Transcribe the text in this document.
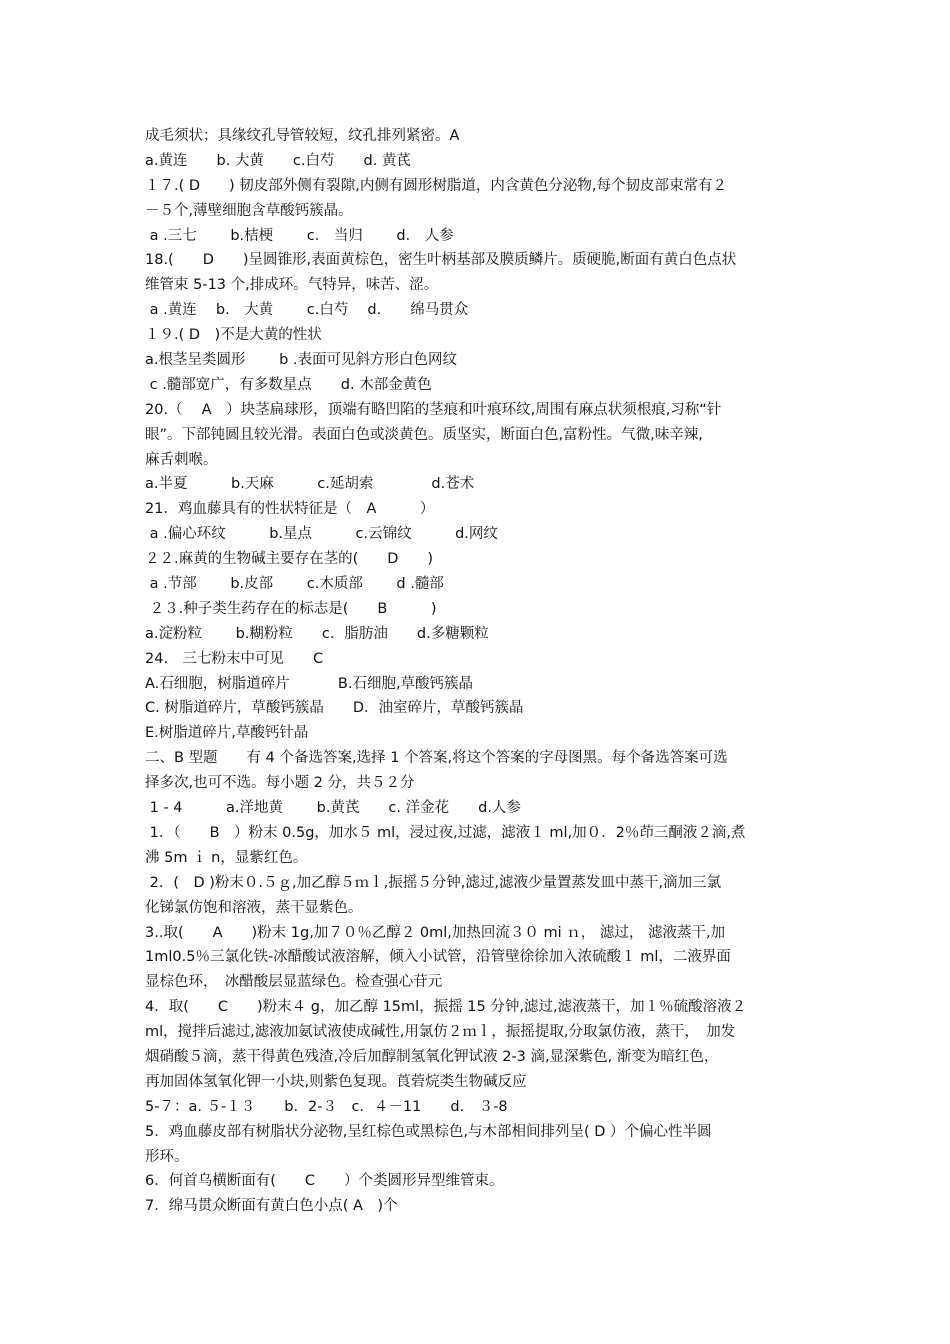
成毛须状；具缘纹孔导管较短，纹孔排列紧密。A
a.黄连　　b. 大黄　　c.白芍　　d. 黄芪
１７.( D　　) 韧皮部外侧有裂隙,内侧有圆形树脂道，内含黄色分泌物,每个韧皮部束常有２
－５个,薄壁细胞含草酸钙簇晶。
a .三七　　 b.桔梗　　 c． 当归　　 d． 人参
18.(　　D　　)呈圆锥形,表面黄棕色，密生叶柄基部及膜质鳞片。质硬脆,断面有黄白色点状
维管束 5-13 个,排成环。气特异，味苦、涩。
a .黄连　 b.　大黄　　 c.白芍　 d.　　绵马贯众
１９.( D　)不是大黄的性状
a.根茎呈类圆形　　 b .表面可见斜方形白色网纹
c .髓部宽广，有多数星点　　d. 木部金黄色
20.（　 A　）块茎扁球形，顶端有略凹陷的茎痕和叶痕环纹,周围有麻点状须根痕,习称“针
眼”。下部钝圆且较光滑。表面白色或淡黄色。质坚实，断面白色,富粉性。气微,味辛辣,
麻舌刺喉。
a.半夏　　　b.天麻　　　c.延胡索　　　　d.苍术
21．鸡血藤具有的性状特征是（　A　　　）
a .偏心环纹　　　b.星点　　　c.云锦纹　　　d.网纹
２２.麻黄的生物碱主要存在茎的(　　D　　)
a .节部　　 b.皮部　　 c.木质部　　 d .髓部
２３.种子类生药存在的标志是(　　B　　　)
a.淀粉粒　　 b.糊粉粒　　c．脂肪油　　d.多糖颗粒
24.　三七粉末中可见　　C
A.石细胞，树脂道碎片　　　 B.石细胞,草酸钙簇晶
C. 树脂道碎片，草酸钙簇晶　　D．油室碎片，草酸钙簇晶
E.树脂道碎片,草酸钙针晶
二、B 型题　　有 4 个备选答案,选择 1 个答案,将这个答案的字母图黑。每个备选答案可选
择多次,也可不选。每小题 2 分，共５２分
1 - 4　　　a.洋地黄　　 b.黄芪　　c. 洋金花　　d.人参
1．（　　B　）粉末 0.5g，加水５ ml，浸过夜,过滤，滤液１ ml,加０．2％茚三酮液２滴,煮
沸 5m ｉ n，显紫红色。
2．(　D )粉末０.５ｇ,加乙醇５ｍｌ,振摇５分钟,滤过,滤液少量置蒸发皿中蒸干,滴加三氯
化锑氯仿饱和溶液，蒸干显紫色。
3..取(　　A　　)粉末 1g,加７０％乙醇２ 0ml,加热回流３０ mi ｎ， 滤过， 滤液蒸干,加
1ml0.5％三氯化铁-冰醋酸试液溶解，倾入小试管，沿管壁徐徐加入浓硫酸１ ml，二液界面
显棕色环，　冰醋酸层显蓝绿色。检查强心苷元
4．取(　　C　　)粉末４ g，加乙醇 15ml，振摇 15 分钟,滤过,滤液蒸干，加１％硫酸溶液２
ml，搅拌后滤过,滤液加氨试液使成碱性,用氯仿２ｍｌ，振摇提取,分取氯仿液，蒸干，　加发
烟硝酸５滴，蒸干得黄色残渣,冷后加醇制氢氧化钾试液 2-3 滴,显深紫色, 渐变为暗红色，
再加固体氢氧化钾一小块,则紫色复现。莨菪烷类生物碱反应
5-７：a. ５-１３　　b．2-３　c．４－11　　d.　３-8
5．鸡血藤皮部有树脂状分泌物,呈红棕色或黑棕色,与木部相间排列呈( D ）个偏心性半圆
形环。
6．何首乌横断面有(　　C　　）个类圆形异型维管束。
7．绵马贯众断面有黄白色小点( A　)个
